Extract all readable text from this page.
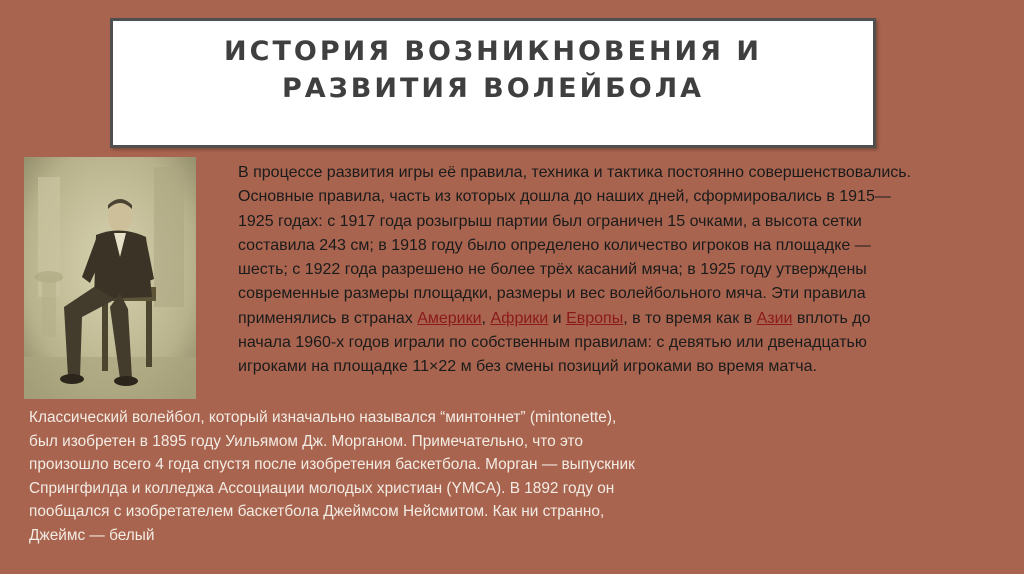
ИСТОРИЯ ВОЗНИКНОВЕНИЯ И
РАЗВИТИЯ ВОЛЕЙБОЛА
В процессе развития игры её правила, техника и тактика постоянно совершенствовались.
Основные правила, часть из которых дошла до наших дней, сформировались в 1915—
1925 годах: с 1917 года розыгрыш партии был ограничен 15 очками, а высота сетки
составила 243 см; в 1918 году было определено количество игроков на площадке —
шесть; с 1922 года разрешено не более трёх касаний мяча; в 1925 году утверждены
современные размеры площадки, размеры и вес волейбольного мяча. Эти правила
применялись в странах Америки, Африки и Европы, в то время как в Азии вплоть до
начала 1960-х годов играли по собственным правилам: с девятью или двенадцатью
игроками на площадке 11×22 м без смены позиций игроками во время матча.
Классический волейбол, который изначально назывался “минтоннет” (mintonette),
был изобретен в 1895 году Уильямом Дж. Морганом. Примечательно, что это
произошло всего 4 года спустя после изобретения баскетбола. Морган — выпускник
Спрингфилда и колледжа Ассоциации молодых христиан (YMCA). В 1892 году он
пообщался с изобретателем баскетбола Джеймсом Нейсмитом. Как ни странно,
Джеймс — белый
